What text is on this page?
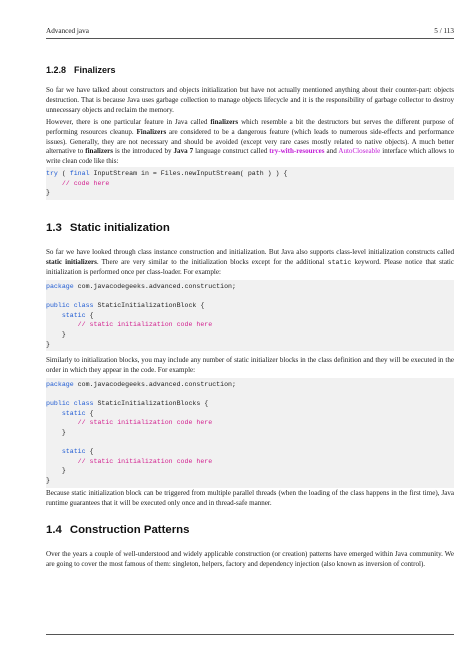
Advanced java	5 / 113
1.2.8 Finalizers

So far we have talked about constructors and objects initialization but have not actually mentioned anything about their counter-part: objects destruction. That is because Java uses garbage collection to manage objects lifecycle and it is the responsibility of garbage collector to destroy unnecessary objects and reclaim the memory.

However, there is one particular feature in Java called finalizers which resemble a bit the destructors but serves the different purpose of performing resources cleanup. Finalizers are considered to be a dangerous feature (which leads to numerous side-effects and performance issues). Generally, they are not necessary and should be avoided (except very rare cases mostly related to native objects). A much better alternative to finalizers is the introduced by Java 7 language construct called try-with-resources and AutoCloseable interface which allows to write clean code like this:

try ( final InputStream in = Files.newInputStream( path ) ) {
// code here
}
1.3 Static initialization

So far we have looked through class instance construction and initialization. But Java also supports class-level initialization constructs called static initializers. There are very similar to the initialization blocks except for the additional static keyword. Please notice that static initialization is performed once per class-loader. For example:

package com.javacodegeeks.advanced.construction;
public class StaticInitializationBlock {
static {
// static initialization code here
}
}

Similarly to initialization blocks, you may include any number of static initializer blocks in the class definition and they will be executed in the order in which they appear in the code. For example:

package com.javacodegeeks.advanced.construction;
public class StaticInitializationBlocks {
static {
// static initialization code here
}
static {
// static initialization code here
}
}

Because static initialization block can be triggered from multiple parallel threads (when the loading of the class happens in the first time), Java runtime guarantees that it will be executed only once and in thread-safe manner.

1.4 Construction Patterns

Over the years a couple of well-understood and widely applicable construction (or creation) patterns have emerged within Java community. We are going to cover the most famous of them: singleton, helpers, factory and dependency injection (also known as inversion of control).
